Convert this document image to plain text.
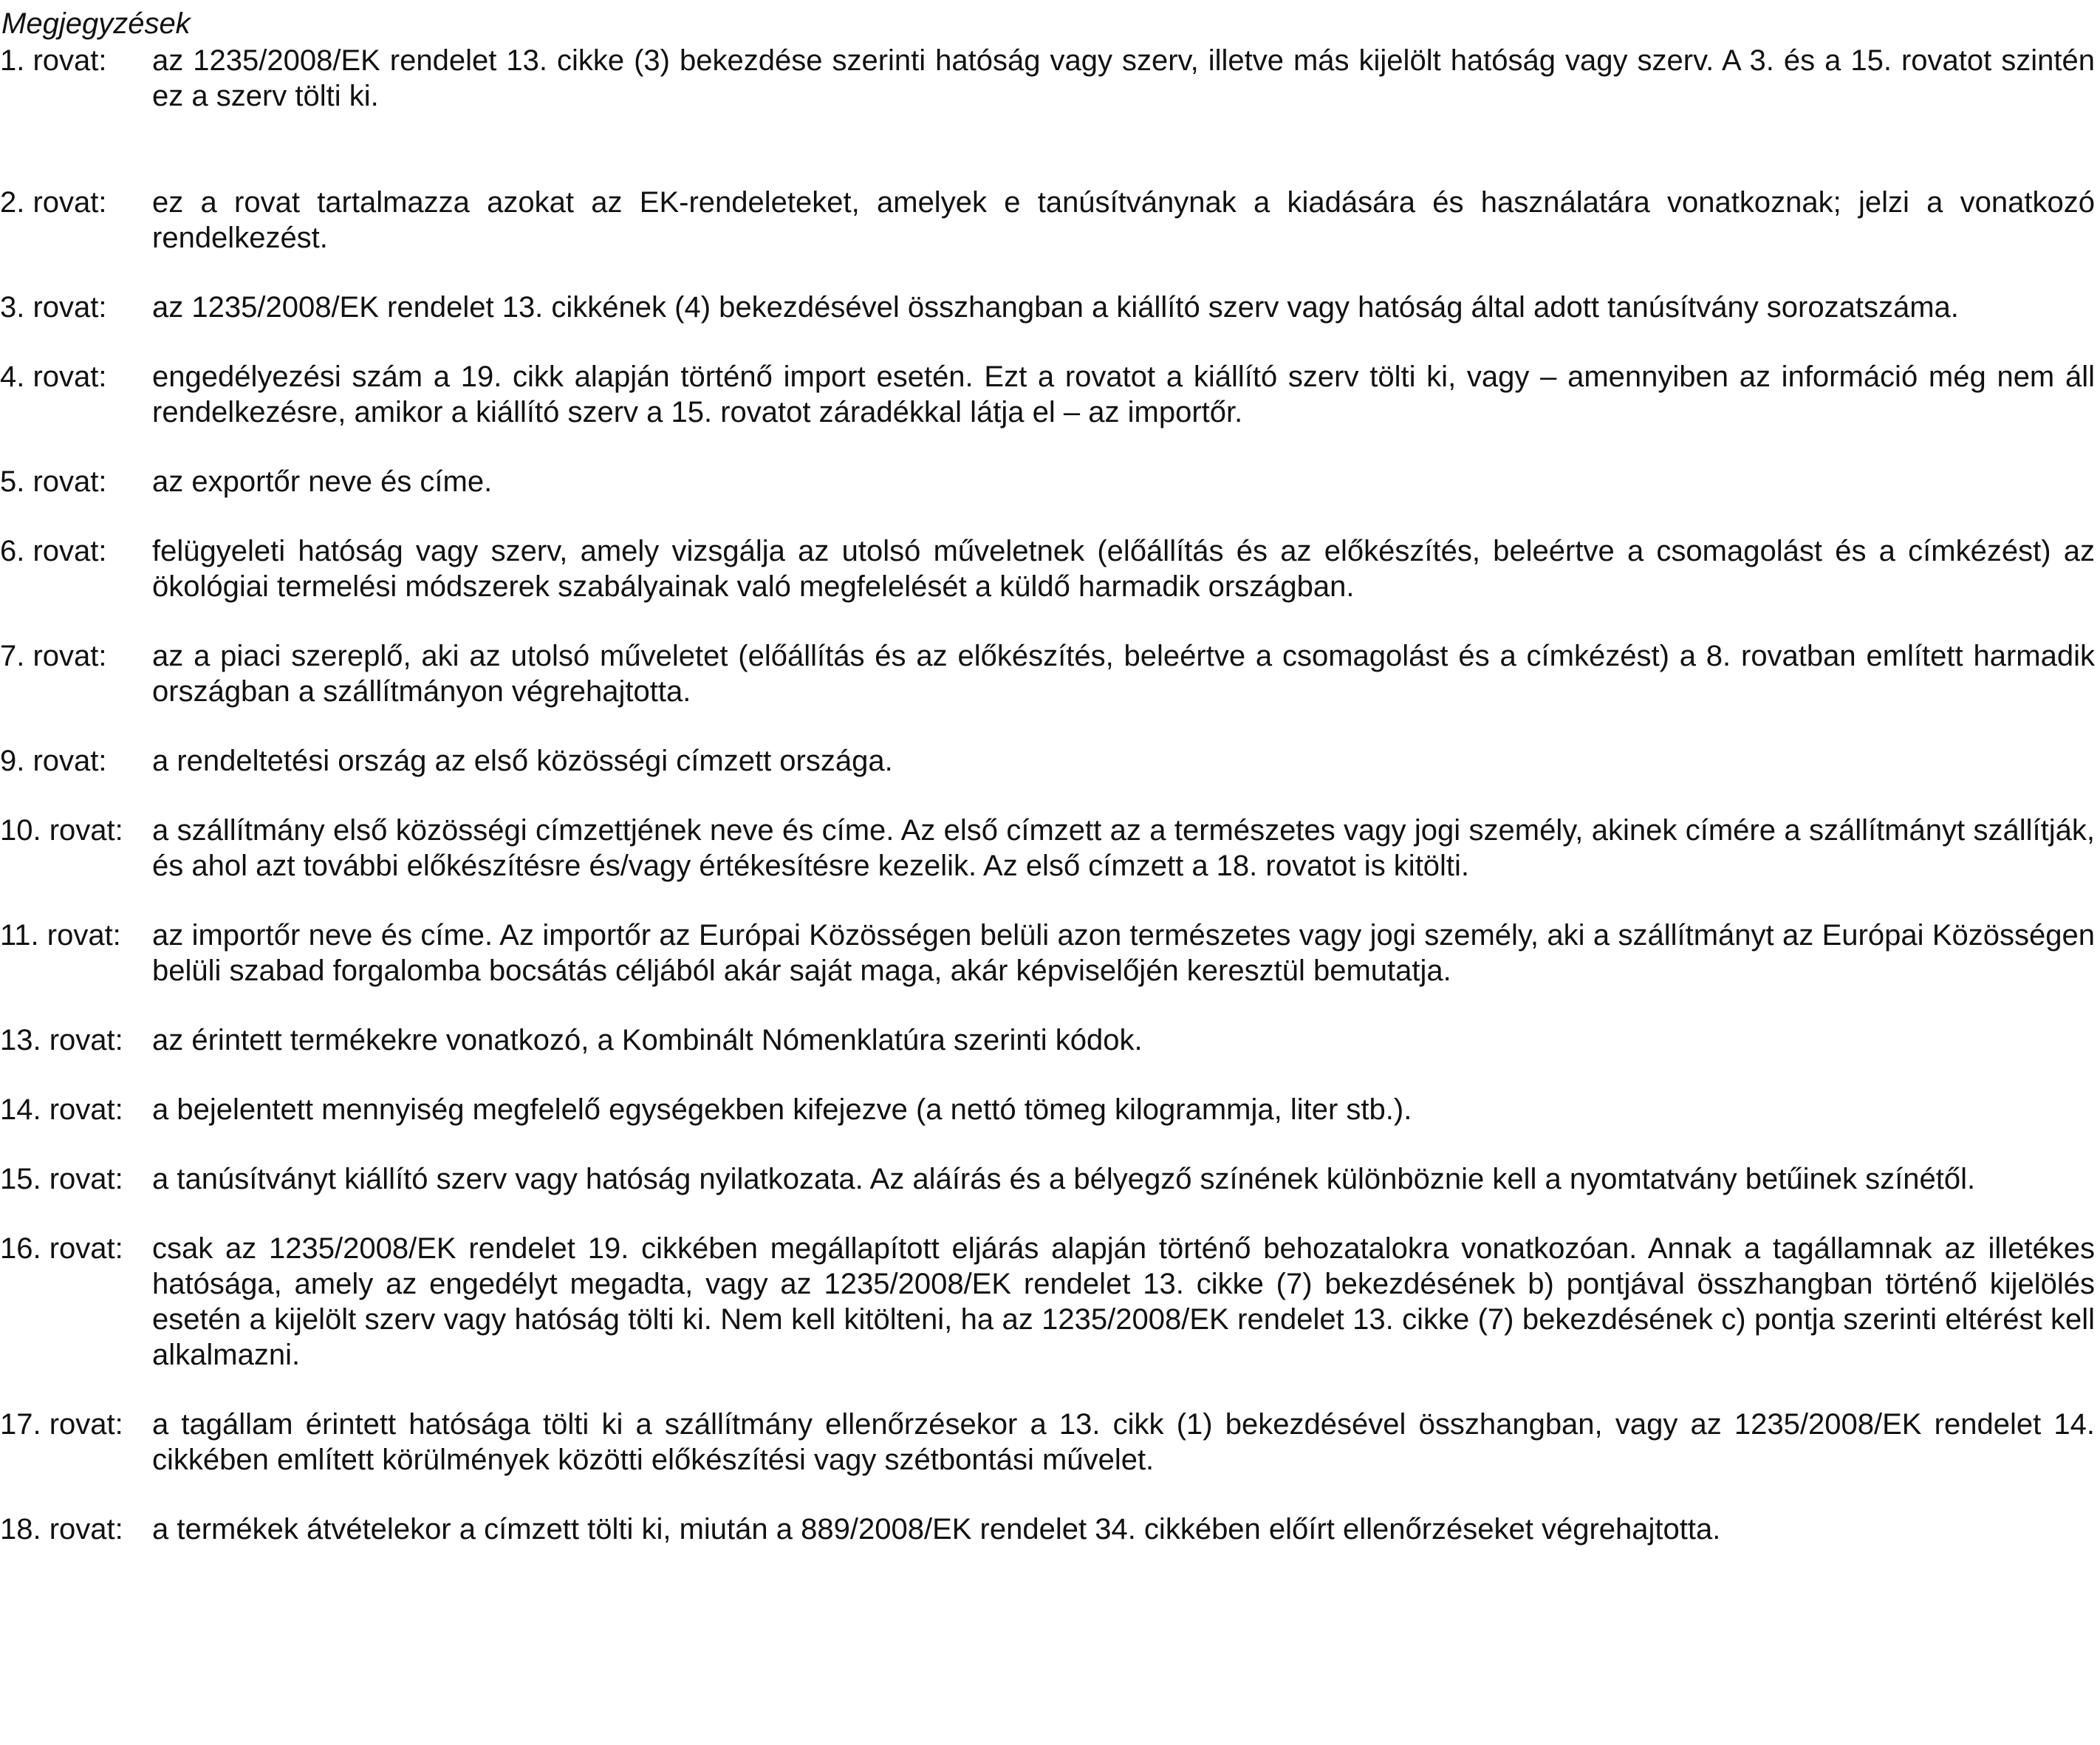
Megjegyzések
1. rovat:	az 1235/2008/EK rendelet 13. cikke (3) bekezdése szerinti hatóság vagy szerv, illetve más kijelölt hatóság vagy szerv. A 3. és a 15. rovatot szintén ez a szerv tölti ki.
2. rovat:	ez a rovat tartalmazza azokat az EK-rendeleteket, amelyek e tanúsítványnak a kiadására és használatára vonatkoznak; jelzi a vonatkozó rendelkezést.
3. rovat:	az 1235/2008/EK rendelet 13. cikkének (4) bekezdésével összhangban a kiállító szerv vagy hatóság által adott tanúsítvány sorozatszáma.
4. rovat:	engedélyezési szám a 19. cikk alapján történő import esetén. Ezt a rovatot a kiállító szerv tölti ki, vagy – amennyiben az információ még nem áll rendelkezésre, amikor a kiállító szerv a 15. rovatot záradékkal látja el – az importőr.
5. rovat:	az exportőr neve és címe.
6. rovat:	felügyeleti hatóság vagy szerv, amely vizsgálja az utolsó műveletnek (előállítás és az előkészítés, beleértve a csomagolást és a címkézést) az ökológiai termelési módszerek szabályainak való megfelelését a küldő harmadik országban.
7. rovat:	az a piaci szereplő, aki az utolsó műveletet (előállítás és az előkészítés, beleértve a csomagolást és a címkézést) a 8. rovatban említett harmadik országban a szállítmányon végrehajtotta.
9. rovat:	a rendeltetési ország az első közösségi címzett országa.
10. rovat: a szállítmány első közösségi címzettjének neve és címe. Az első címzett az a természetes vagy jogi személy, akinek címére a szállítmányt szállítják, és ahol azt további előkészítésre és/vagy értékesítésre kezelik. Az első címzett a 18. rovatot is kitölti.
11. rovat:	az importőr neve és címe. Az importőr az Európai Közösségen belüli azon természetes vagy jogi személy, aki a szállítmányt az Európai Közösségen belüli szabad forgalomba bocsátás céljából akár saját maga, akár képviselőjén keresztül bemutatja.
13. rovat: az érintett termékekre vonatkozó, a Kombinált Nómenklatúra szerinti kódok.
14. rovat: a bejelentett mennyiség megfelelő egységekben kifejezve (a nettó tömeg kilogrammja, liter stb.).
15. rovat: a tanúsítványt kiállító szerv vagy hatóság nyilatkozata. Az aláírás és a bélyegző színének különböznie kell a nyomtatvány betűinek színétől.
16. rovat: csak az 1235/2008/EK rendelet 19. cikkében megállapított eljárás alapján történő behozatalokra vonatkozóan. Annak a tagállamnak az illetékes hatósága, amely az engedélyt megadta, vagy az 1235/2008/EK rendelet 13. cikke (7) bekezdésének b) pontjával összhangban történő kijelölés esetén a kijelölt szerv vagy hatóság tölti ki. Nem kell kitölteni, ha az 1235/2008/EK rendelet 13. cikke (7) bekezdésének c) pontja szerinti eltérést kell alkalmazni.
17. rovat: a tagállam érintett hatósága tölti ki a szállítmány ellenőrzésekor a 13. cikk (1) bekezdésével összhangban, vagy az 1235/2008/EK rendelet 14. cikkében említett körülmények közötti előkészítési vagy szétbontási művelet.
18. rovat: a termékek átvételekor a címzett tölti ki, miután a 889/2008/EK rendelet 34. cikkében előírt ellenőrzéseket végrehajtotta.
